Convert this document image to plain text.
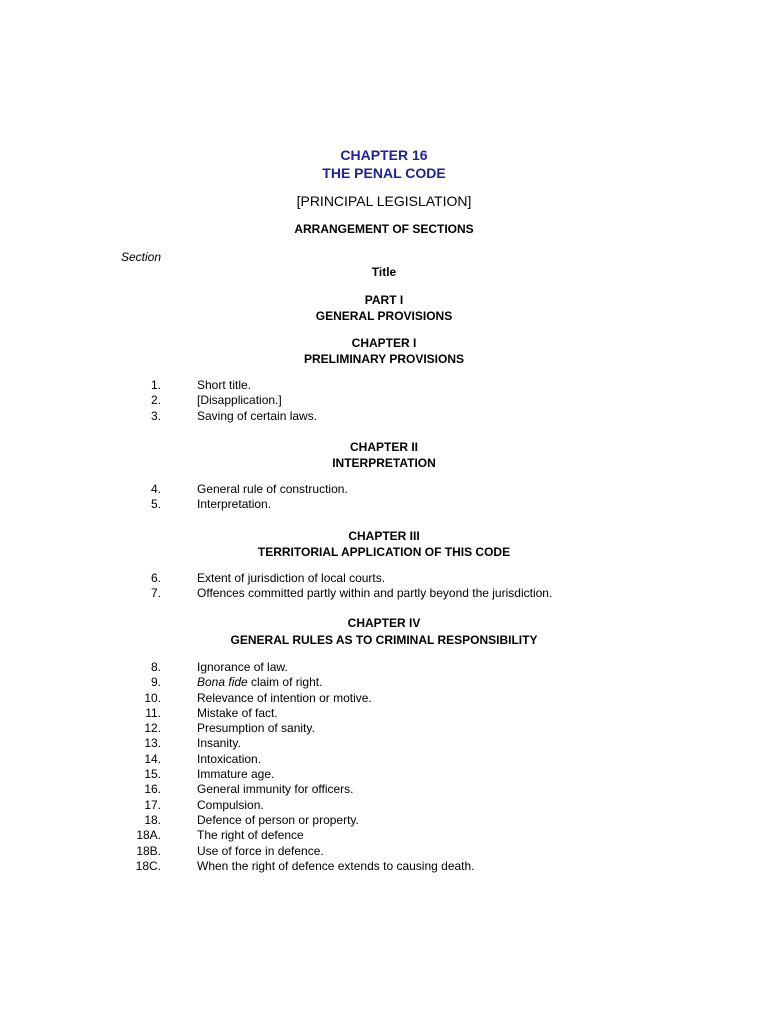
CHAPTER 16
THE PENAL CODE
[PRINCIPAL LEGISLATION]
ARRANGEMENT OF SECTIONS
Section
Title
PART I
GENERAL PROVISIONS
CHAPTER I
PRELIMINARY PROVISIONS
1.	Short title.
2.	[Disapplication.]
3.	Saving of certain laws.
CHAPTER II
INTERPRETATION
4.	General rule of construction.
5.	Interpretation.
CHAPTER III
TERRITORIAL APPLICATION OF THIS CODE
6.	Extent of jurisdiction of local courts.
7.	Offences committed partly within and partly beyond the jurisdiction.
CHAPTER IV
GENERAL RULES AS TO CRIMINAL RESPONSIBILITY
8.	Ignorance of law.
9.	Bona fide claim of right.
10.	Relevance of intention or motive.
11.	Mistake of fact.
12.	Presumption of sanity.
13.	Insanity.
14.	Intoxication.
15.	Immature age.
16.	General immunity for officers.
17.	Compulsion.
18.	Defence of person or property.
18A.	The right of defence
18B.	Use of force in defence.
18C.	When the right of defence extends to causing death.
